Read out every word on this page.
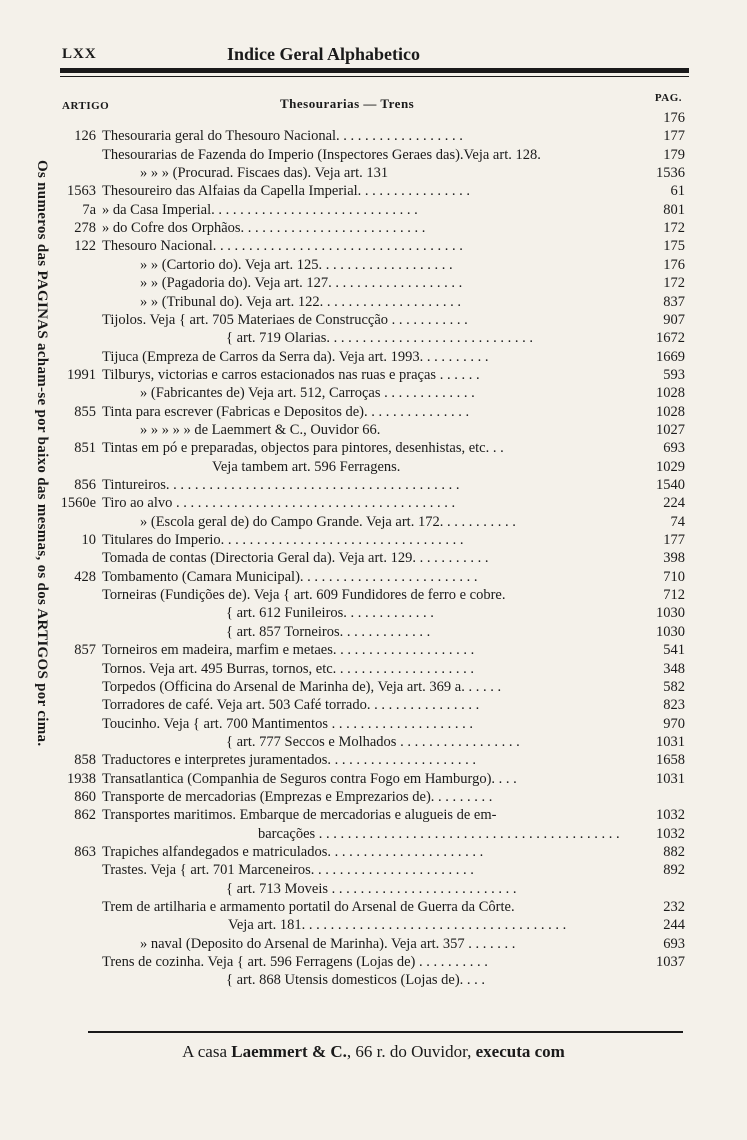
LXX	Indice Geral Alphabetico
ARTIGO	Thesourarias — Trens	PAG.
Os numeros das PAGINAS acham-se por baixo das mesmas, os dos ARTIGOS por cima.
176
126 Thesouraria geral do Thesouro Nacional. . . . . . . . . . . . . . . . . .	177
Thesourarias de Fazenda do Imperio (Inspectores Geraes das).Veja art. 128.	179
» » » (Procurad. Fiscaes das). Veja art. 131	1536
1563 Thesoureiro das Alfaias da Capella Imperial. . . . . . . . . . . . . . . .	61
7a » da Casa Imperial. . . . . . . . . . . . . . . . . . . . . . . . . . . . .	801
278 » do Cofre dos Orphãos. . . . . . . . . . . . . . . . . . . . . . . . . .	172
122 Thesouro Nacional. . . . . . . . . . . . . . . . . . . . . . . . . . . . . . . . . . .	175
» » (Cartorio do). Veja art. 125. . . . . . . . . . . . . . . . . . .	176
» » (Pagadoria do). Veja art. 127. . . . . . . . . . . . . . . . . . .	172
» » (Tribunal do). Veja art. 122. . . . . . . . . . . . . . . . . . . .	837
Tijolos. Veja { art. 705 Materiaes de Construcção . . . . . . . . . . .	907
{ art. 719 Olarias. . . . . . . . . . . . . . . . . . . . . . . . . . . . .	1672
Tijuca (Empreza de Carros da Serra da). Veja art. 1993. . . . . . . . . .	1669
1991 Tilburys, victorias e carros estacionados nas ruas e praças . . . . . .	593
» (Fabricantes de) Veja art. 512, Carroças . . . . . . . . . . . . .	1028
855 Tinta para escrever (Fabricas e Depositos de). . . . . . . . . . . . . . .	1028
» » » » » de Laemmert & C., Ouvidor 66.	1027
851 Tintas em pó e preparadas, objectos para pintores, desenhistas, etc. . .	693
Veja tambem art. 596 Ferragens.	1029
856 Tintureiros. . . . . . . . . . . . . . . . . . . . . . . . . . . . . . . . . . . . . . . . .	1540
1560e Tiro ao alvo . . . . . . . . . . . . . . . . . . . . . . . . . . . . . . . . . . . . . . .	224
» (Escola geral de) do Campo Grande. Veja art. 172. . . . . . . . . . .	74
10 Titulares do Imperio. . . . . . . . . . . . . . . . . . . . . . . . . . . . . . . . . .	177
Tomada de contas (Directoria Geral da). Veja art. 129. . . . . . . . . . .	398
428 Tombamento (Camara Municipal). . . . . . . . . . . . . . . . . . . . . . . . .	710
Torneiras (Fundições de). Veja { art. 609 Fundidores de ferro e cobre.	712
{ art. 612 Funileiros. . . . . . . . . . . . .	1030
{ art. 857 Torneiros. . . . . . . . . . . . .	1030
857 Torneiros em madeira, marfim e metaes. . . . . . . . . . . . . . . . . . . .	541
Tornos. Veja art. 495 Burras, tornos, etc. . . . . . . . . . . . . . . . . . . .	348
Torpedos (Officina do Arsenal de Marinha de), Veja art. 369 a. . . . . .	582
Torradores de café. Veja art. 503 Café torrado. . . . . . . . . . . . . . . .	823
Toucinho. Veja { art. 700 Mantimentos . . . . . . . . . . . . . . . . . . . .	970
{ art. 777 Seccos e Molhados . . . . . . . . . . . . . . . . .	1031
858 Traductores e interpretes juramentados. . . . . . . . . . . . . . . . . . . . .	1658
1938 Transatlantica (Companhia de Seguros contra Fogo em Hamburgo). . . .	1031
860 Transporte de mercadorias (Emprezas e Emprezarios de). . . . . . . . .
862 Transportes maritimos. Embarque de mercadorias e alugueis de em-	1032
barcações . . . . . . . . . . . . . . . . . . . . . . . . . . . . . . . . . . . . . . . . . .	1032
863 Trapiches alfandegados e matriculados. . . . . . . . . . . . . . . . . . . . . .	882
Trastes. Veja { art. 701 Marceneiros. . . . . . . . . . . . . . . . . . . . . . .	892
{ art. 713 Moveis . . . . . . . . . . . . . . . . . . . . . . . . . .
Trem de artilharia e armamento portatil do Arsenal de Guerra da Côrte.	232
Veja art. 181. . . . . . . . . . . . . . . . . . . . . . . . . . . . . . . . . . . . .	244
» naval (Deposito do Arsenal de Marinha). Veja art. 357 . . . . . . .	693
Trens de cozinha. Veja { art. 596 Ferragens (Lojas de) . . . . . . . . . .	1037
{ art. 868 Utensis domesticos (Lojas de). . . .
A casa Laemmert & C., 66 r. do Ouvidor, executa com
